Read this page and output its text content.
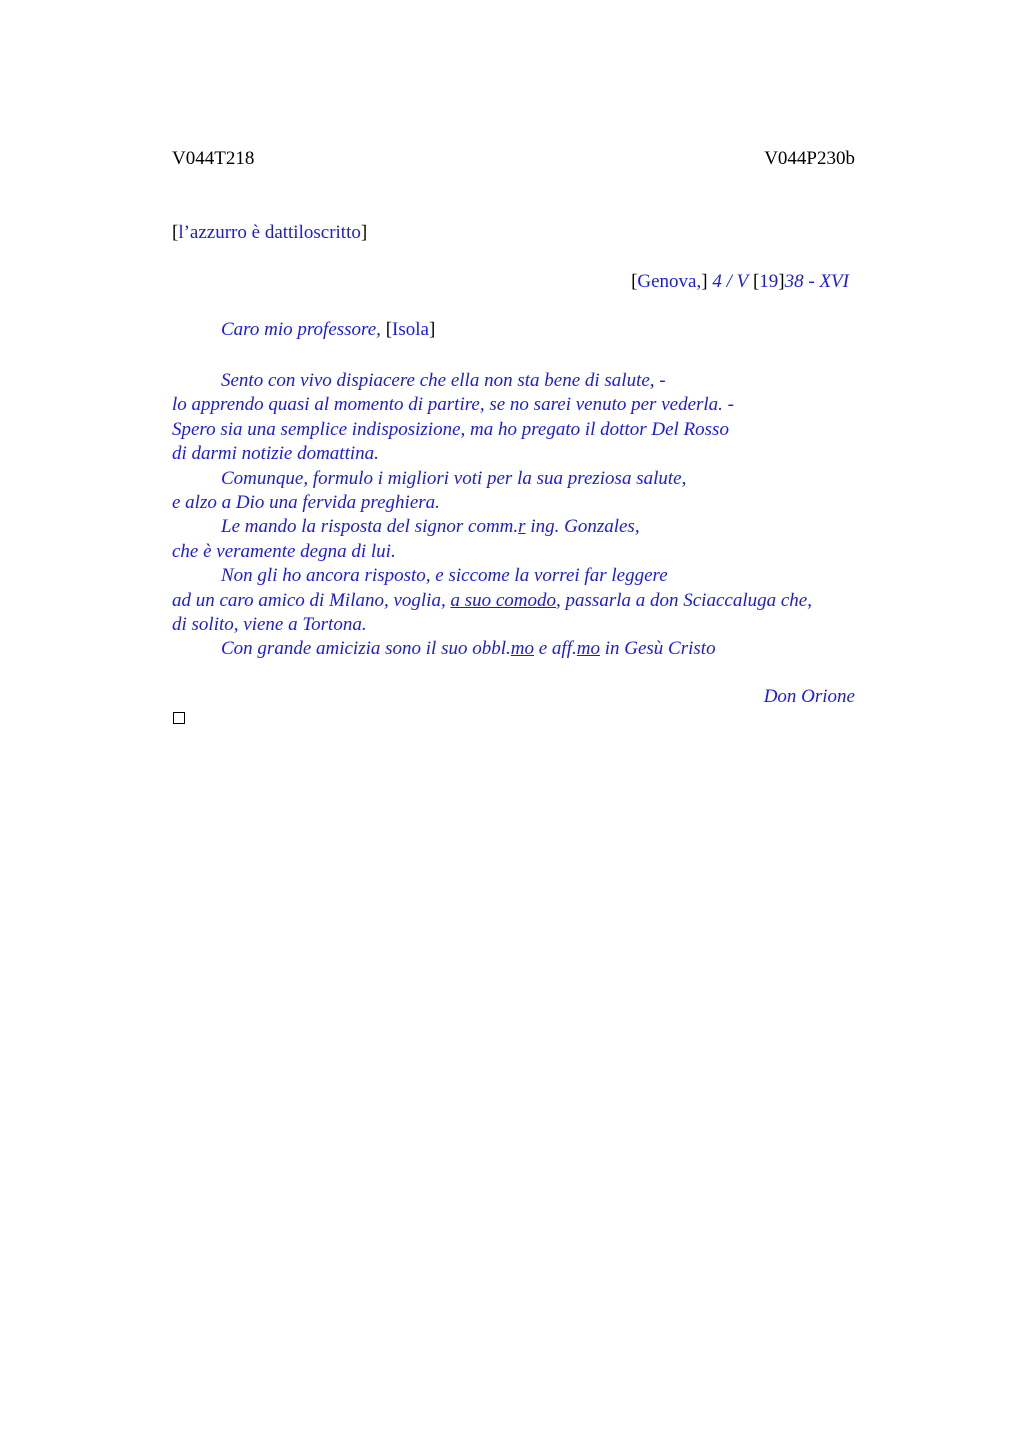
V044T218	V044P230b
[l’azzurro è dattiloscritto]
[Genova,] 4 / V [19]38 - XVI
Caro mio professore, [Isola]
Sento con vivo dispiacere che ella non sta bene di salute, -
lo apprendo quasi al momento di partire, se no sarei venuto per vederla. -
Spero sia una semplice indisposizione, ma ho pregato il dottor Del Rosso
di darmi notizie domattina.
Comunque, formulo i migliori voti per la sua preziosa salute,
e alzo a Dio una fervida preghiera.
Le mando la risposta del signor comm.r ing. Gonzales,
che è veramente degna di lui.
Non gli ho ancora risposto, e siccome la vorrei far leggere
ad un caro amico di Milano, voglia, a suo comodo, passarla a don Sciaccaluga che,
di solito, viene a Tortona.
Con grande amicizia sono il suo obbl.mo e aff.mo in Gesù Cristo
Don Orione
